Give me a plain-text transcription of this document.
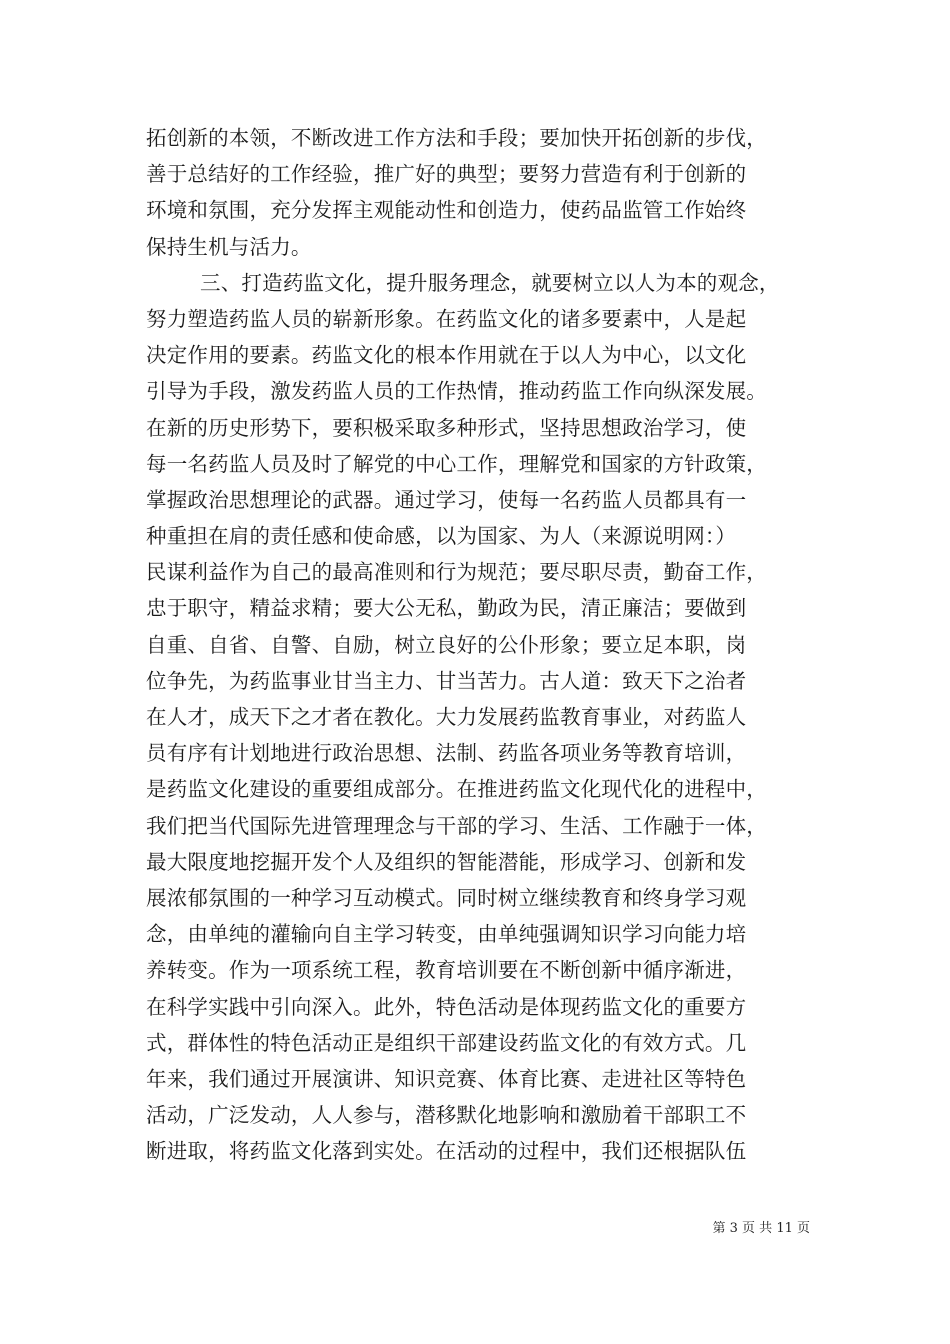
拓创新的本领，不断改进工作方法和手段；要加快开拓创新的步伐，
善于总结好的工作经验，推广好的典型；要努力营造有利于创新的
环境和氛围，充分发挥主观能动性和创造力，使药品监管工作始终
保持生机与活力。
三、打造药监文化，提升服务理念，就要树立以人为本的观念，
努力塑造药监人员的崭新形象。在药监文化的诸多要素中，人是起
决定作用的要素。药监文化的根本作用就在于以人为中心，以文化
引导为手段，激发药监人员的工作热情，推动药监工作向纵深发展。
在新的历史形势下，要积极采取多种形式，坚持思想政治学习，使
每一名药监人员及时了解党的中心工作，理解党和国家的方针政策，
掌握政治思想理论的武器。通过学习，使每一名药监人员都具有一
种重担在肩的责任感和使命感，以为国家、为人（来源说明网：）
民谋利益作为自己的最高准则和行为规范；要尽职尽责，勤奋工作，
忠于职守，精益求精；要大公无私，勤政为民，清正廉洁；要做到
自重、自省、自警、自励，树立良好的公仆形象；要立足本职，岗
位争先，为药监事业甘当主力、甘当苦力。古人道：致天下之治者
在人才，成天下之才者在教化。大力发展药监教育事业，对药监人
员有序有计划地进行政治思想、法制、药监各项业务等教育培训，
是药监文化建设的重要组成部分。在推进药监文化现代化的进程中，
我们把当代国际先进管理理念与干部的学习、生活、工作融于一体，
最大限度地挖掘开发个人及组织的智能潜能，形成学习、创新和发
展浓郁氛围的一种学习互动模式。同时树立继续教育和终身学习观
念，由单纯的灌输向自主学习转变，由单纯强调知识学习向能力培
养转变。作为一项系统工程，教育培训要在不断创新中循序渐进，
在科学实践中引向深入。此外，特色活动是体现药监文化的重要方
式，群体性的特色活动正是组织干部建设药监文化的有效方式。几
年来，我们通过开展演讲、知识竞赛、体育比赛、走进社区等特色
活动，广泛发动，人人参与，潜移默化地影响和激励着干部职工不
断进取，将药监文化落到实处。在活动的过程中，我们还根据队伍
第 3 页 共 11 页
